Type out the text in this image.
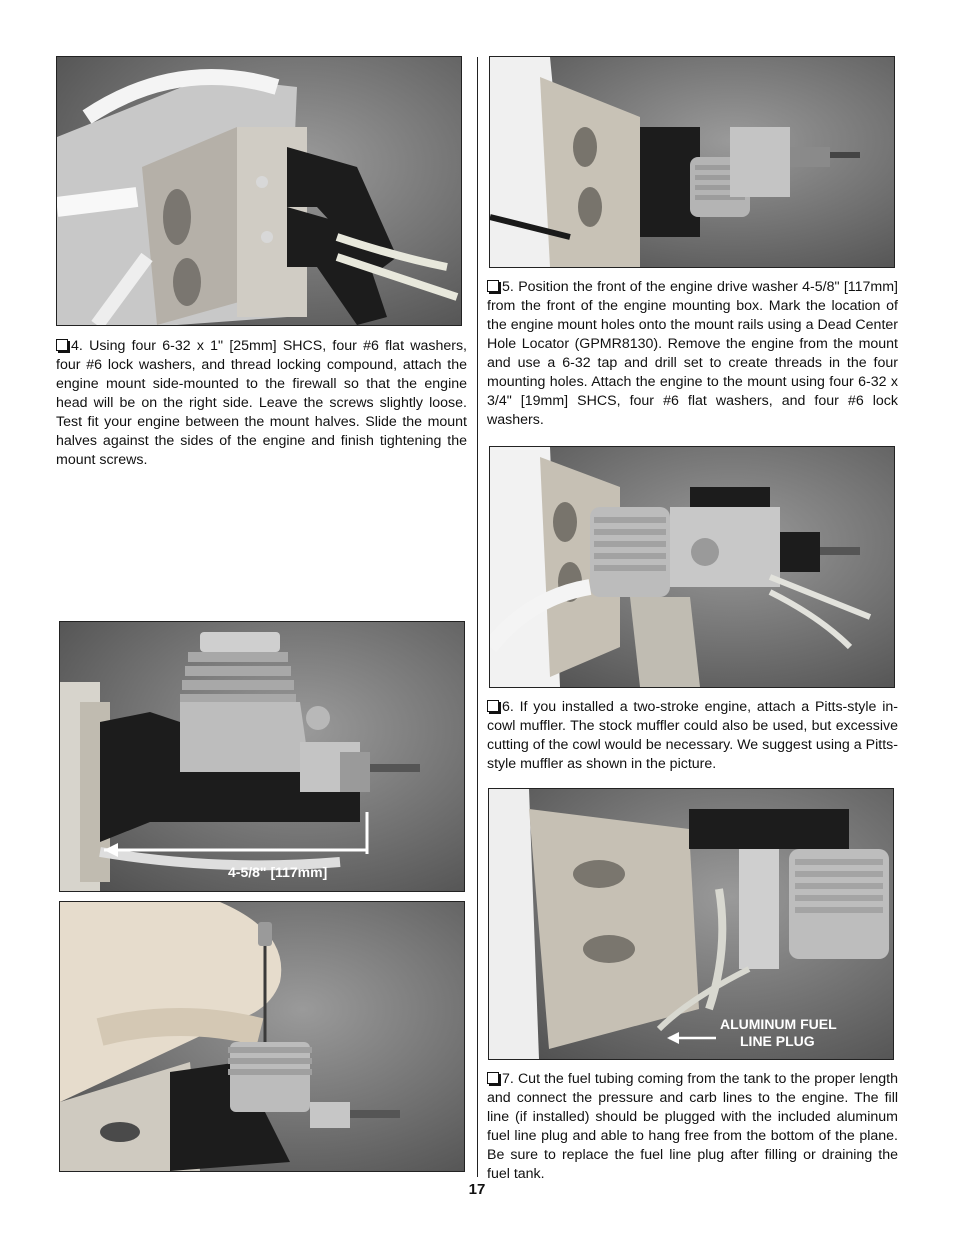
4. Using four 6-32 x 1" [25mm] SHCS, four #6 flat washers, four #6 lock washers, and thread locking compound, attach the engine mount side-mounted to the firewall so that the engine head will be on the right side. Leave the screws slightly loose. Test fit your engine between the mount halves. Slide the mount halves against the sides of the engine and finish tightening the mount screws.

4-5/8" [117mm]

5. Position the front of the engine drive washer 4-5/8" [117mm] from the front of the engine mounting box. Mark the location of the engine mount holes onto the mount rails using a Dead Center Hole Locator (GPMR8130). Remove the engine from the mount and use a 6-32 tap and drill set to create threads in the four mounting holes. Attach the engine to the mount using four 6-32 x 3/4" [19mm] SHCS, four #6 flat washers, and four #6 lock washers.

6. If you installed a two-stroke engine, attach a Pitts-style in-cowl muffler. The stock muffler could also be used, but excessive cutting of the cowl would be necessary. We suggest using a Pitts-style muffler as shown in the picture.

ALUMINUM FUEL
LINE PLUG

7. Cut the fuel tubing coming from the tank to the proper length and connect the pressure and carb lines to the engine. The fill line (if installed) should be plugged with the included aluminum fuel line plug and able to hang free from the bottom of the plane. Be sure to replace the fuel line plug after filling or draining the fuel tank.

17
